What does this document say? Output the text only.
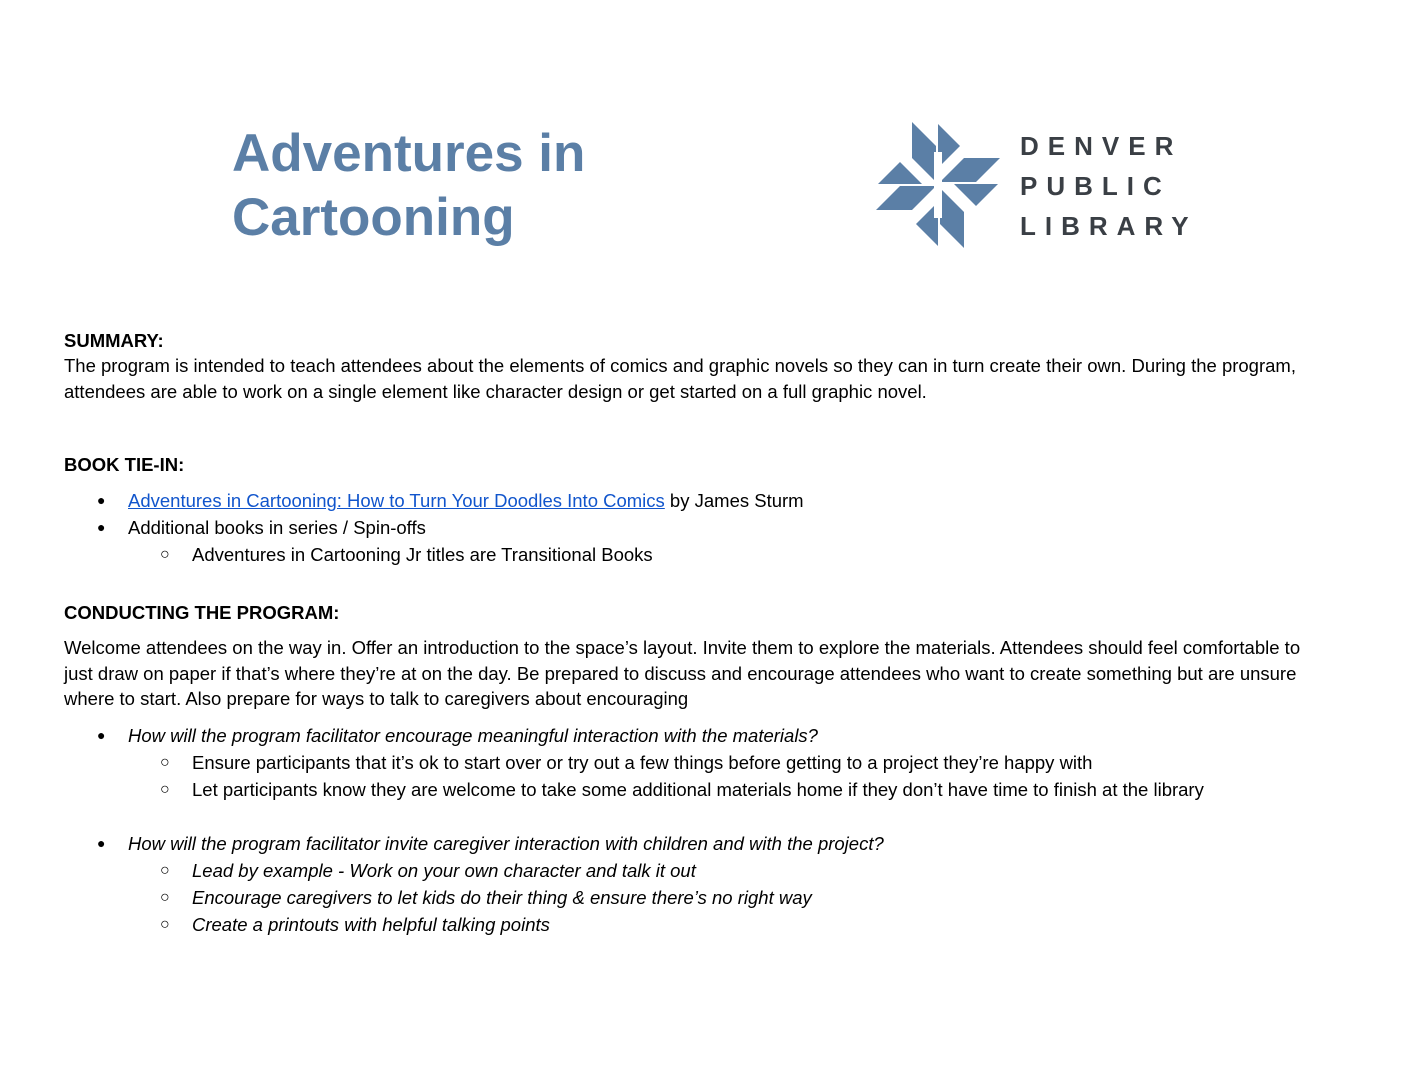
Adventures in
Cartooning
DENVER
PUBLIC
LIBRARY

SUMMARY:

The program is intended to teach attendees about the elements of comics and graphic novels so they can in turn create their own. During the program, attendees are able to work on a single element like character design or get started on a full graphic novel.

BOOK TIE-IN:

● Adventures in Cartooning: How to Turn Your Doodles Into Comics by James Sturm
● Additional books in series / Spin-offs
○ Adventures in Cartooning Jr titles are Transitional Books

CONDUCTING THE PROGRAM:

Welcome attendees on the way in. Offer an introduction to the space’s layout. Invite them to explore the materials. Attendees should feel comfortable to just draw on paper if that’s where they’re at on the day. Be prepared to discuss and encourage attendees who want to create something but are unsure where to start. Also prepare for ways to talk to caregivers about encouraging

● How will the program facilitator encourage meaningful interaction with the materials?
○ Ensure participants that it’s ok to start over or try out a few things before getting to a project they’re happy with
○ Let participants know they are welcome to take some additional materials home if they don’t have time to finish at the library
● How will the program facilitator invite caregiver interaction with children and with the project?
○ Lead by example - Work on your own character and talk it out
○ Encourage caregivers to let kids do their thing & ensure there’s no right way
○ Create a printouts with helpful talking points
